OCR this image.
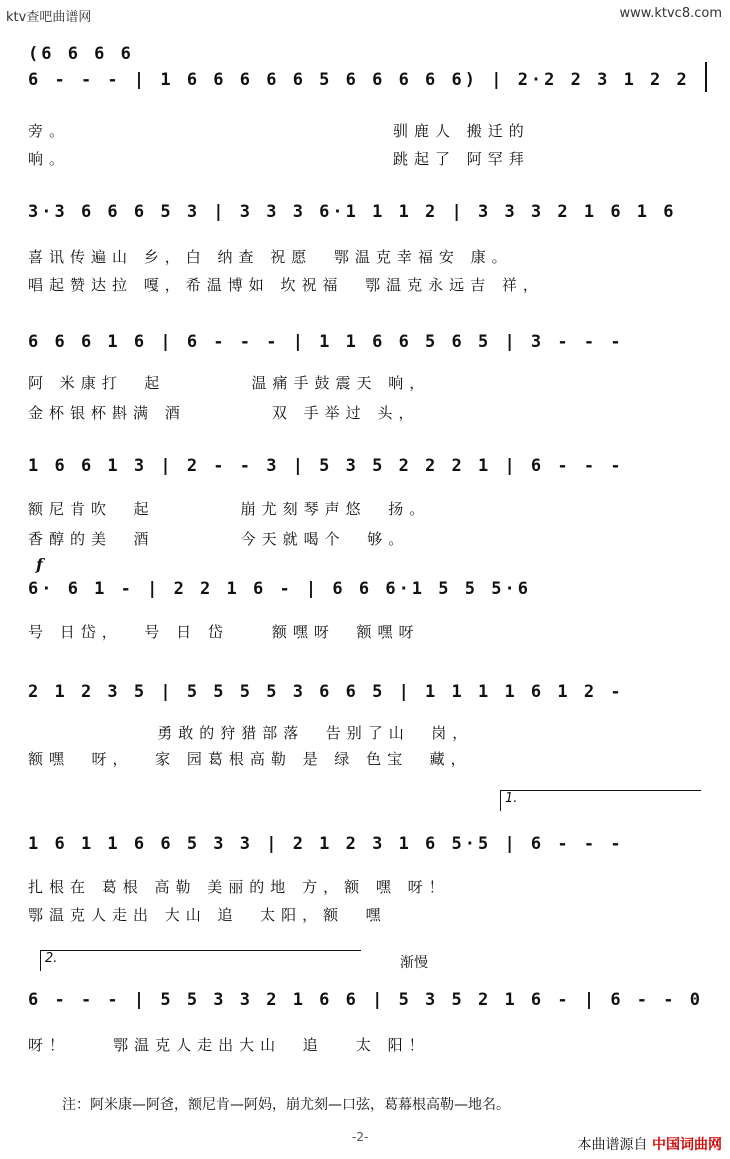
ktv查吧曲谱网	www.ktvc8.com
(6 6 6 6
6 - - - | 1 6 6 6 6 6 5 6 6 6 6 6) | 2·2 2 3 1 2 2
旁。                              驯鹿人 搬迁的
响。                              跳起了 阿罕拜
3·3 6 6 6 5 3 | 3 3 3 6·1 1 1 2 | 3 3 3 2 1 6 1 6
喜讯传遍山 乡，白 纳查 祝愿  鄂温克幸福安 康。
唱起赞达拉 嘎，希温博如 坎祝福  鄂温克永远吉 祥，
6 6 6 1 6 | 6 - - - | 1 1 6 6 5 6 5 | 3 - - -
阿 米康打  起        温痛手鼓震天 响，
金杯银杯斟满 酒        双 手举过 头，
1 6 6 1 3 | 2 - - 3 | 5 3 5 2 2 2 1 | 6 - - -
额尼肯吹  起        崩尤刻琴声悠  扬。
香醇的美  酒        今天就喝个  够。
f
6· 6 1 - | 2 2 1 6 - | 6 6 6·1 5 5 5·6
号 日岱，  号 日 岱    额嘿呀  额嘿呀
2 1 2 3 5 | 5 5 5 5 3 6 6 5 | 1 1 1 1 6 1 2 -
勇敢的狩猎部落  告别了山  岗，
额嘿  呀，  家 园葛根高勒 是 绿 色宝  藏，
1.
1 6 1 1 6 6 5 3 3 | 2 1 2 3 1 6 5·5 | 6 - - -
扎根在 葛根 高勒 美丽的地 方，额 嘿 呀！
鄂温克人走出 大山 追  太阳，额  嘿
2.	渐慢
6 - - - | 5 5 3 3 2 1 6 6 | 5 3 5 2 1 6 - | 6 - - 0
呀！    鄂温克人走出大山  追   太 阳！
注：阿米康—阿爸，额尼肯—阿妈，崩尤刻—口弦，葛幕根高勒—地名。
-2-	本曲谱源自 中国词曲网
